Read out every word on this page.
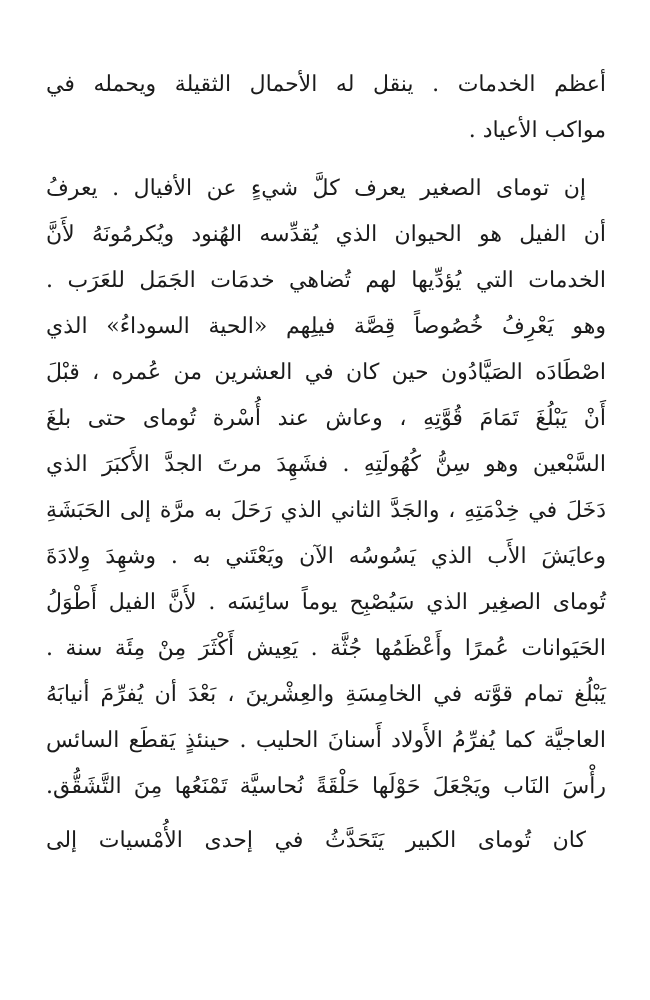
أعظم الخدمات . ينقل له الأحمال الثقيلة ويحمله في
مواكب الأعياد .
إن تومای الصغیر یعرف کلَّ شيءٍ عن الأفیال . یعرفُ
أن الفیل هو الحیوان الذي یُقدِّسه الهُنود ویُکرمُونَهُ لأَنَّ
الخدمات التي یُؤدِّیها لهم تُضاهي خدمَات الجَمَل للعَرَب .
وهو یَعْرِفُ خُصُوصاً قِصَّة فیلِهم «الحیة السوداءُ» الذي
اصْطَادَه الصَیَّادُون حین کان في العشرین من عُمره ، قبْلَ
أَنْ یَبْلُغَ تَمَامَ قُوَّتِهِ ، وعاش عند أُسْرة تُومای حتی بلغَ
السَّبْعین وهو سِنُّ کُهُولَتِهِ . فشَهِدَ مرتَ الجدَّ الأَکبَرَ الذي
دَخَلَ في خِدْمَتِهِ ، والجَدَّ الثاني الذي رَحَلَ به مرَّة إلی الحَبَشَةِ
وعایَشَ الأَب الذي یَسُوسُه الآن ویَعْتَني به . وشهِدَ وِلادَةَ
تُومای الصغِیر الذي سَیُصْبِح یوماً سائِسَه . لأَنَّ الفیل أَطْوَلُ
الحَیَوانات عُمرًا وأَعْظَمُها جُثَّة . یَعِیش أَکْثَرَ مِنْ مِئَة سنة .
یَبْلُغ تمام قوَّته في الخامِسَةِ والعِشْرینَ ، بَعْدَ أن یُفرِّمَ أنیابَهُ
العاجیَّة کما یُفرِّمُ الأَولاد أَسنانَ الحلیب . حینئذٍ یَقطَع السائس
رأْسَ النَاب ویَجْعَلَ حَوْلَها حَلْقَةً نُحاسیَّة تَمْنَعُها مِنَ التَّشَقُّق.
کان تُومای الکبیر یَتَحَدَّثُ في إحدی الأُمْسیات إلی
